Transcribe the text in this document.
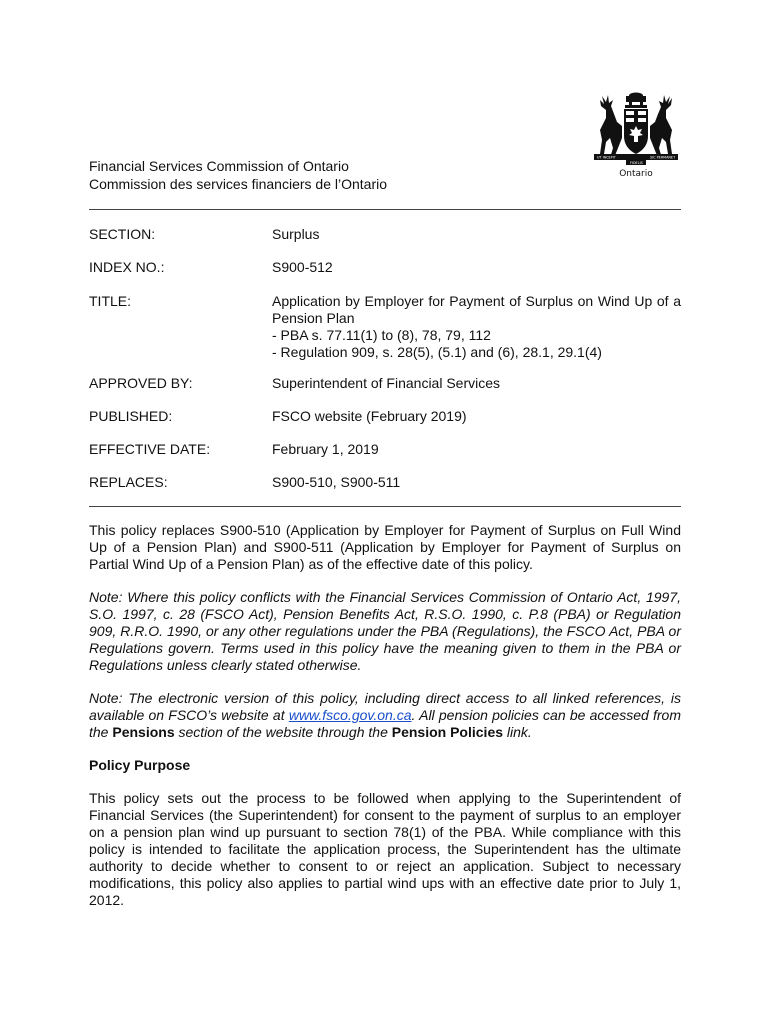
UT INCEPIT	SIC PERMANET
FIDELIS
Ontario
Financial Services Commission of Ontario
Commission des services financiers de l’Ontario
SECTION:	Surplus
INDEX NO.:	S900-512
TITLE:	Application by Employer for Payment of Surplus on Wind Up of a Pension Plan
- PBA s. 77.11(1) to (8), 78, 79, 112
- Regulation 909, s. 28(5), (5.1) and (6), 28.1, 29.1(4)
APPROVED BY:	Superintendent of Financial Services
PUBLISHED:	FSCO website (February 2019)
EFFECTIVE DATE:	February 1, 2019
REPLACES:	S900-510, S900-511

This policy replaces S900-510 (Application by Employer for Payment of Surplus on Full Wind Up of a Pension Plan) and S900-511 (Application by Employer for Payment of Surplus on Partial Wind Up of a Pension Plan) as of the effective date of this policy.

Note: Where this policy conflicts with the Financial Services Commission of Ontario Act, 1997, S.O. 1997, c. 28 (FSCO Act), Pension Benefits Act, R.S.O. 1990, c. P.8 (PBA) or Regulation 909, R.R.O. 1990, or any other regulations under the PBA (Regulations), the FSCO Act, PBA or Regulations govern. Terms used in this policy have the meaning given to them in the PBA or Regulations unless clearly stated otherwise.

Note: The electronic version of this policy, including direct access to all linked references, is available on FSCO’s website at www.fsco.gov.on.ca. All pension policies can be accessed from the Pensions section of the website through the Pension Policies link.

Policy Purpose

This policy sets out the process to be followed when applying to the Superintendent of Financial Services (the Superintendent) for consent to the payment of surplus to an employer on a pension plan wind up pursuant to section 78(1) of the PBA. While compliance with this policy is intended to facilitate the application process, the Superintendent has the ultimate authority to decide whether to consent to or reject an application. Subject to necessary modifications, this policy also applies to partial wind ups with an effective date prior to July 1, 2012.
